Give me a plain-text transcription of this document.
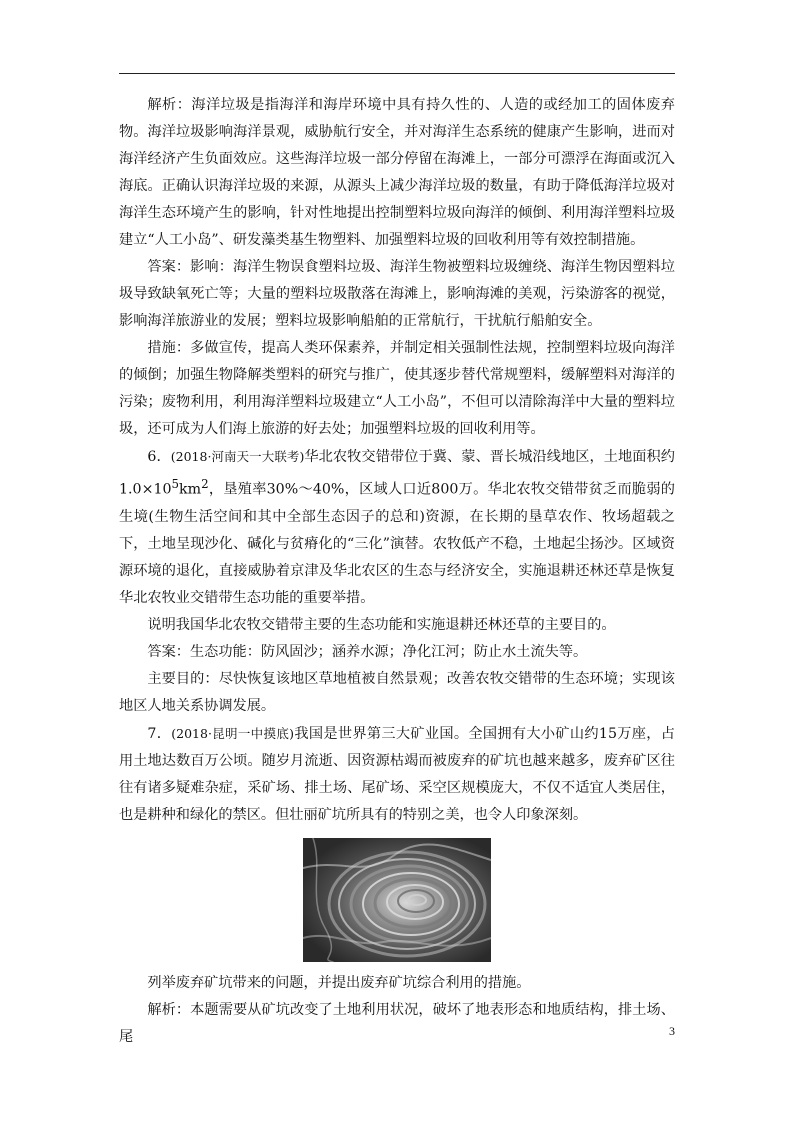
解析：海洋垃圾是指海洋和海岸环境中具有持久性的、人造的或经加工的固体废弃物。海洋垃圾影响海洋景观，威胁航行安全，并对海洋生态系统的健康产生影响，进而对海洋经济产生负面效应。这些海洋垃圾一部分停留在海滩上，一部分可漂浮在海面或沉入海底。正确认识海洋垃圾的来源，从源头上减少海洋垃圾的数量，有助于降低海洋垃圾对海洋生态环境产生的影响，针对性地提出控制塑料垃圾向海洋的倾倒、利用海洋塑料垃圾建立“人工小岛”、研发藻类基生物塑料、加强塑料垃圾的回收利用等有效控制措施。

答案：影响：海洋生物误食塑料垃圾、海洋生物被塑料垃圾缠绕、海洋生物因塑料垃圾导致缺氧死亡等；大量的塑料垃圾散落在海滩上，影响海滩的美观，污染游客的视觉，影响海洋旅游业的发展；塑料垃圾影响船舶的正常航行，干扰航行船舶安全。

措施：多做宣传，提高人类环保素养，并制定相关强制性法规，控制塑料垃圾向海洋的倾倒；加强生物降解类塑料的研究与推广，使其逐步替代常规塑料，缓解塑料对海洋的污染；废物利用，利用海洋塑料垃圾建立“人工小岛”，不但可以清除海洋中大量的塑料垃圾，还可成为人们海上旅游的好去处；加强塑料垃圾的回收利用等。

6．(2018·河南天一大联考)华北农牧交错带位于冀、蒙、晋长城沿线地区，土地面积约$1.0\times 10^5km^2$，垦殖率30%～40%，区域人口近800万。华北农牧交错带贫乏而脆弱的生境(生物生活空间和其中全部生态因子的总和)资源，在长期的垦草农作、牧场超载之下，土地呈现沙化、碱化与贫瘠化的“三化”演替。农牧低产不稳，土地起尘扬沙。区域资源环境的退化，直接威胁着京津及华北农区的生态与经济安全，实施退耕还林还草是恢复华北农牧业交错带生态功能的重要举措。

说明我国华北农牧交错带主要的生态功能和实施退耕还林还草的主要目的。

答案：生态功能：防风固沙；涵养水源；净化江河；防止水土流失等。

主要目的：尽快恢复该地区草地植被自然景观；改善农牧交错带的生态环境；实现该地区人地关系协调发展。

7．(2018·昆明一中摸底)我国是世界第三大矿业国。全国拥有大小矿山约15万座，占用土地达数百万公顷。随岁月流逝、因资源枯竭而被废弃的矿坑也越来越多，废弃矿区往往有诸多疑难杂症，采矿场、排土场、尾矿场、采空区规模庞大，不仅不适宜人类居住，也是耕种和绿化的禁区。但壮丽矿坑所具有的特别之美，也令人印象深刻。

列举废弃矿坑带来的问题，并提出废弃矿坑综合利用的措施。

解析：本题需要从矿坑改变了土地利用状况，破坏了地表形态和地质结构，排土场、尾	3
